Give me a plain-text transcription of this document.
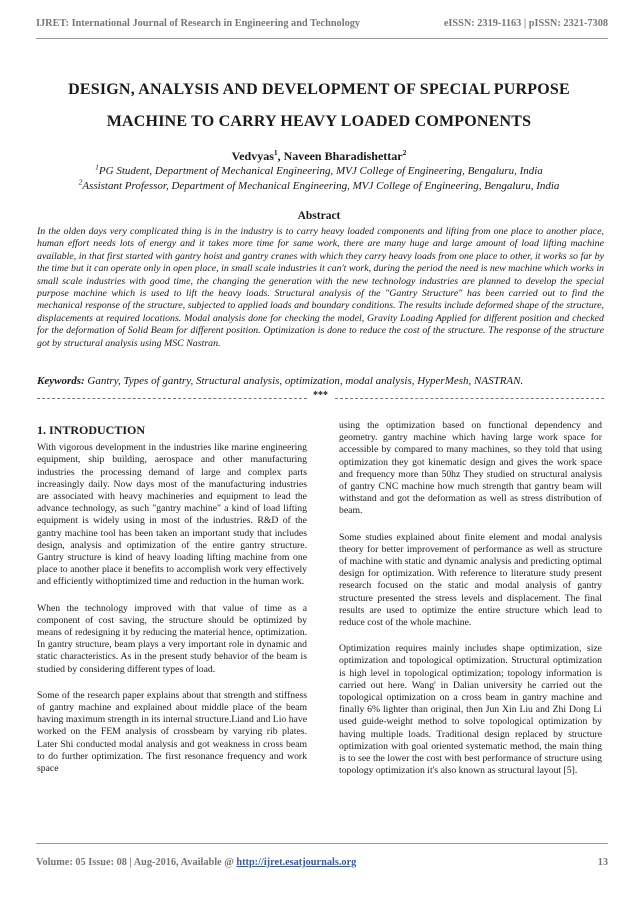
IJRET: International Journal of Research in Engineering and Technology	eISSN: 2319-1163 | pISSN: 2321-7308
DESIGN, ANALYSIS AND DEVELOPMENT OF SPECIAL PURPOSE
MACHINE TO CARRY HEAVY LOADED COMPONENTS
Vedvyas$^1$, Naveen Bharadishettar$^2$
$^1$PG Student, Department of Mechanical Engineering, MVJ College of Engineering, Bengaluru, India
$^2$Assistant Professor, Department of Mechanical Engineering, MVJ College of Engineering, Bengaluru, India
Abstract
In the olden days very complicated thing is in the industry is to carry heavy loaded components and lifting from one place to another place, human effort needs lots of energy and it takes more time for same work, there are many huge and large amount of load lifting machine available, in that first started with gantry hoist and gantry cranes with which they carry heavy loads from one place to other, it works so far by the time but it can operate only in open place, in small scale industries it can't work, during the period the need is new machine which works in small scale industries with good time, the changing the generation with the new technology industries are planned to develop the special purpose machine which is used to lift the heavy loads. Structural analysis of the "Gantry Structure" has been carried out to find the mechanical response of the structure, subjected to applied loads and boundary conditions. The results include deformed shape of the structure, displacements at required locations. Modal analysis done for checking the model, Gravity Loading Applied for different position and checked for the deformation of Solid Beam for different position. Optimization is done to reduce the cost of the structure. The response of the structure got by structural analysis using MSC Nastran.
Keywords: Gantry, Types of gantry, Structural analysis, optimization, modal analysis, HyperMesh, NASTRAN.
***
1. INTRODUCTION

With vigorous development in the industries like marine engineering equipment, ship building, aerospace and other manufacturing industries the processing demand of large and complex parts increasingly daily. Now days most of the manufacturing industries are associated with heavy machineries and equipment to lead the advance technology, as such "gantry machine" a kind of load lifting equipment is widely using in most of the industries. R&D of the gantry machine tool has been taken an important study that includes design, analysis and optimization of the entire gantry structure. Gantry structure is kind of heavy loading lifting machine from one place to another place it benefits to accomplish work very effectively and efficiently withoptimized time and reduction in the human work.

When the technology improved with that value of time as a component of cost saving, the structure should be optimized by means of redesigning it by reducing the material hence, optimization. In gantry structure, beam plays a very important role in dynamic and static characteristics. As in the present study behavior of the beam is studied by considering different types of load.

Some of the research paper explains about that strength and stiffness of gantry machine and explained about middle place of the beam having maximum strength in its internal structure.Liand and Lio have worked on the FEM analysis of crossbeam by varying rib plates. Later Shi conducted modal analysis and got weakness in cross beam to do further optimization. The first resonance frequency and work space

using the optimization based on functional dependency and geometry. gantry machine which having large work space for accessible by compared to many machines, so they told that using optimization they got kinematic design and gives the work space and frequency more than 50hz They studied on structural analysis of gantry CNC machine how much strength that gantry beam will withstand and got the deformation as well as stress distribution of beam.

Some studies explained about finite element and modal analysis theory for better improvement of performance as well as structure of machine with static and dynamic analysis and predicting optimal design for optimization. With reference to literature study present research focused on the static and modal analysis of gantry structure presented the stress levels and displacement. The final results are used to optimize the entire structure which lead to reduce cost of the whole machine.

Optimization requires mainly includes shape optimization, size optimization and topological optimization. Structural optimization is high level in topological optimization; topology information is carried out here. Wang' in Dalian university he carried out the topological optimization on a cross beam in gantry machine and finally 6% lighter than original, then Jun Xin Liu and Zhi Dong Li used guide-weight method to solve topological optimization by having multiple loads. Traditional design replaced by structure optimization with goal oriented systematic method, the main thing is to see the lower the cost with best performance of structure using topology optimization it's also known as structural layout [5].

Volume: 05 Issue: 08 | Aug-2016, Available @ http://ijret.esatjournals.org	13
